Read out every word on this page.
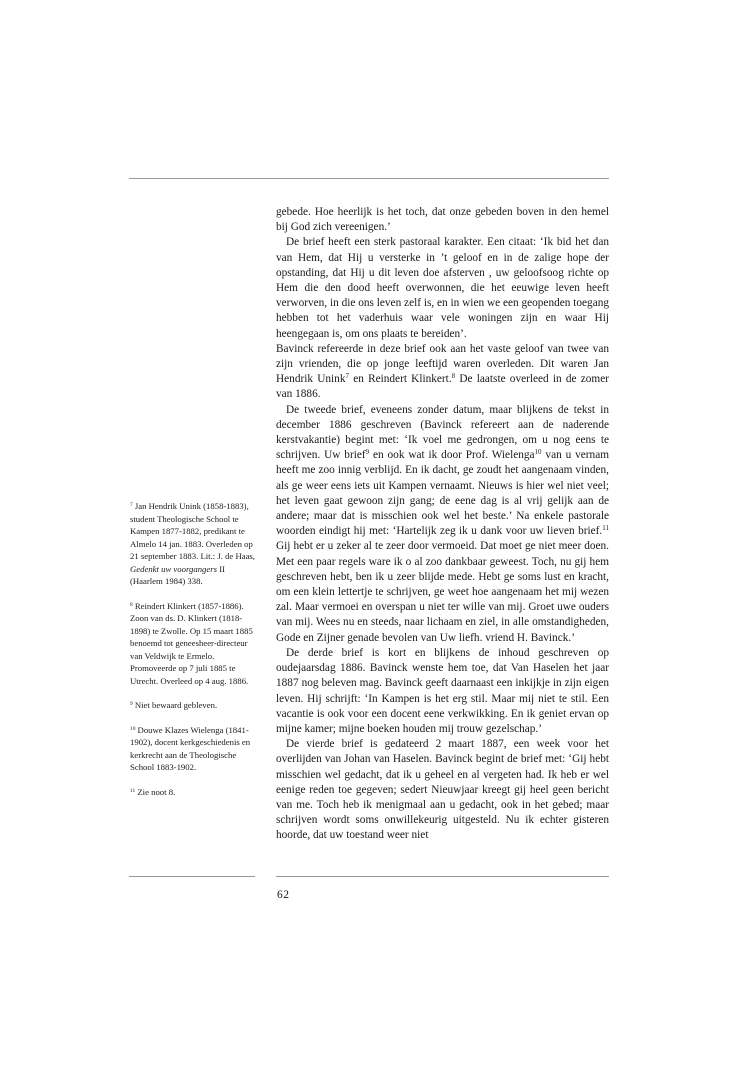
$^7$ Jan Hendrik Unink (1858-1883), student Theologische School te Kampen 1877-1882, predikant te Almelo 14 jan. 1883. Overleden op 21 september 1883. Lit.: J. de Haas, Gedenkt uw voorgangers II (Haarlem 1984) 338.

$^8$ Reindert Klinkert (1857-1886). Zoon van ds. D. Klinkert (1818-1898) te Zwolle. Op 15 maart 1885 benoemd tot geneesheer-directeur van Veldwijk te Ermelo. Promoveerde op 7 juli 1885 te Utrecht. Overleed op 4 aug. 1886.

$^9$ Niet bewaard gebleven.

$^{10}$ Douwe Klazes Wielenga (1841-1902), docent kerkgeschiedenis en kerkrecht aan de Theologische School 1883-1902.

$^{11}$ Zie noot 8.

gebede. Hoe heerlijk is het toch, dat onze gebeden boven in den hemel bij God zich vereenigen.’

De brief heeft een sterk pastoraal karakter. Een citaat: ‘Ik bid het dan van Hem, dat Hij u versterke in ’t geloof en in de zalige hope der opstanding, dat Hij u dit leven doe afsterven , uw geloofsoog richte op Hem die den dood heeft overwonnen, die het eeuwige leven heeft verworven, in die ons leven zelf is, en in wien we een geopenden toegang hebben tot het vaderhuis waar vele woningen zijn en waar Hij heengegaan is, om ons plaats te bereiden’.

Bavinck refereerde in deze brief ook aan het vaste geloof van twee van zijn vrienden, die op jonge leeftijd waren overleden. Dit waren Jan Hendrik Unink$^7$ en Reindert Klinkert.$^8$ De laatste overleed in de zomer van 1886.

De tweede brief, eveneens zonder datum, maar blijkens de tekst in december 1886 geschreven (Bavinck refereert aan de naderende kerstvakantie) begint met: ‘Ik voel me gedrongen, om u nog eens te schrijven. Uw brief$^9$ en ook wat ik door Prof. Wielenga$^{10}$ van u vernam heeft me zoo innig verblijd. En ik dacht, ge zoudt het aangenaam vinden, als ge weer eens iets uit Kampen vernaamt. Nieuws is hier wel niet veel; het leven gaat gewoon zijn gang; de eene dag is al vrij gelijk aan de andere; maar dat is misschien ook wel het beste.’ Na enkele pastorale woorden eindigt hij met: ‘Hartelijk zeg ik u dank voor uw lieven brief.$^{11}$ Gij hebt er u zeker al te zeer door vermoeid. Dat moet ge niet meer doen. Met een paar regels ware ik o al zoo dankbaar geweest. Toch, nu gij hem geschreven hebt, ben ik u zeer blijde mede. Hebt ge soms lust en kracht, om een klein lettertje te schrijven, ge weet hoe aangenaam het mij wezen zal. Maar vermoei en overspan u niet ter wille van mij. Groet uwe ouders van mij. Wees nu en steeds, naar lichaam en ziel, in alle omstandigheden, Gode en Zijner genade bevolen van Uw liefh. vriend H. Bavinck.’

De derde brief is kort en blijkens de inhoud geschreven op oudejaarsdag 1886. Bavinck wenste hem toe, dat Van Haselen het jaar 1887 nog beleven mag. Bavinck geeft daarnaast een inkijkje in zijn eigen leven. Hij schrijft: ‘In Kampen is het erg stil. Maar mij niet te stil. Een vacantie is ook voor een docent eene verkwikking. En ik geniet ervan op mijne kamer; mijne boeken houden mij trouw gezelschap.’

De vierde brief is gedateerd 2 maart 1887, een week voor het overlijden van Johan van Haselen. Bavinck begint de brief met: ‘Gij hebt misschien wel gedacht, dat ik u geheel en al vergeten had. Ik heb er wel eenige reden toe gegeven; sedert Nieuwjaar kreegt gij heel geen bericht van me. Toch heb ik menigmaal aan u gedacht, ook in het gebed; maar schrijven wordt soms onwillekeurig uitgesteld. Nu ik echter gisteren hoorde, dat uw toestand weer niet

62
